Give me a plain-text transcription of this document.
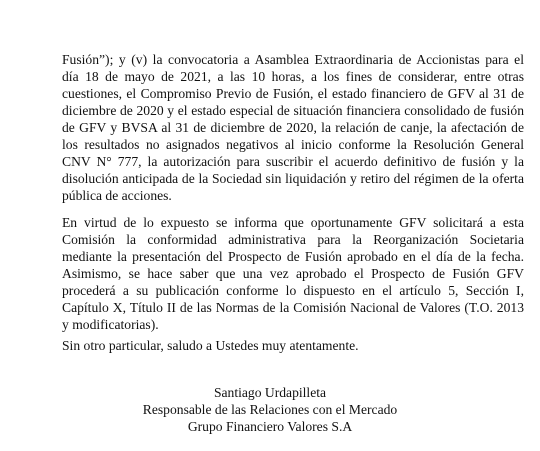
Fusión”); y (v) la convocatoria a Asamblea Extraordinaria de Accionistas para el
día 18 de mayo de 2021, a las 10 horas, a los fines de considerar, entre otras
cuestiones, el Compromiso Previo de Fusión, el estado financiero de GFV al 31 de
diciembre de 2020 y el estado especial de situación financiera consolidado de fusión
de GFV y BVSA al 31 de diciembre de 2020, la relación de canje, la afectación de
los resultados no asignados negativos al inicio conforme la Resolución General
CNV N° 777, la autorización para suscribir el acuerdo definitivo de fusión y la
disolución anticipada de la Sociedad sin liquidación y retiro del régimen de la oferta
pública de acciones.

En virtud de lo expuesto se informa que oportunamente GFV solicitará a esta
Comisión la conformidad administrativa para la Reorganización Societaria
mediante la presentación del Prospecto de Fusión aprobado en el día de la fecha.
Asimismo, se hace saber que una vez aprobado el Prospecto de Fusión GFV
procederá a su publicación conforme lo dispuesto en el artículo 5, Sección I,
Capítulo X, Título II de las Normas de la Comisión Nacional de Valores (T.O. 2013
y modificatorias).

Sin otro particular, saludo a Ustedes muy atentamente.

Santiago Urdapilleta
Responsable de las Relaciones con el Mercado
Grupo Financiero Valores S.A
